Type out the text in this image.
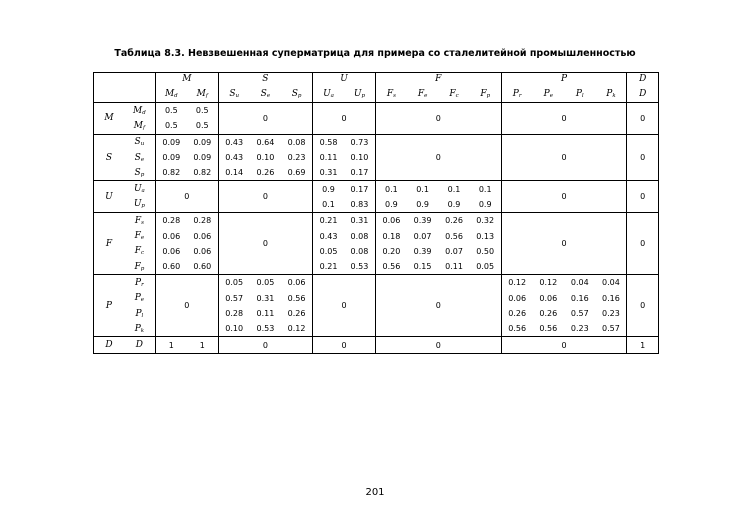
Таблица 8.3. Невзвешенная суперматрица для примера со сталелитейной промышленностью
		M		S			U		F				P				D
		$M_d$	$M_f$	$S_u$	$S_e$	$S_p$	$U_a$	$U_p$	$F_s$	$F_e$	$F_c$	$F_p$	$P_r$	$P_e$	$P_l$	$P_k$	D
M	$M_d$	0.5	0.5	0			0		0				0				0
	$M_f$	0.5	0.5														
S	$S_u$	0.09	0.09	0.43	0.64	0.08	0.58	0.73	0				0				0
	$S_e$	0.09	0.09	0.43	0.10	0.23	0.11	0.10									
	$S_p$	0.82	0.82	0.14	0.26	0.69	0.31	0.17									
U	$U_a$	0		0			0.9	0.17	0.1	0.1	0.1	0.1	0				0
	$U_p$						0.1	0.83	0.9	0.9	0.9	0.9					
F	$F_s$	0.28	0.28	0			0.21	0.31	0.06	0.39	0.26	0.32	0				0
	$F_e$	0.06	0.06				0.43	0.08	0.18	0.07	0.56	0.13					
	$F_c$	0.06	0.06				0.05	0.08	0.20	0.39	0.07	0.50					
	$F_p$	0.60	0.60				0.21	0.53	0.56	0.15	0.11	0.05					
P	$P_r$	0		0.05	0.05	0.06	0		0				0.12	0.12	0.04	0.04	0
	$P_e$			0.57	0.31	0.56							0.06	0.06	0.16	0.16	
	$P_l$			0.28	0.11	0.26							0.26	0.26	0.57	0.23	
	$P_k$			0.10	0.53	0.12							0.56	0.56	0.23	0.57	
D	D	1	1	0			0		0				0				1
201
